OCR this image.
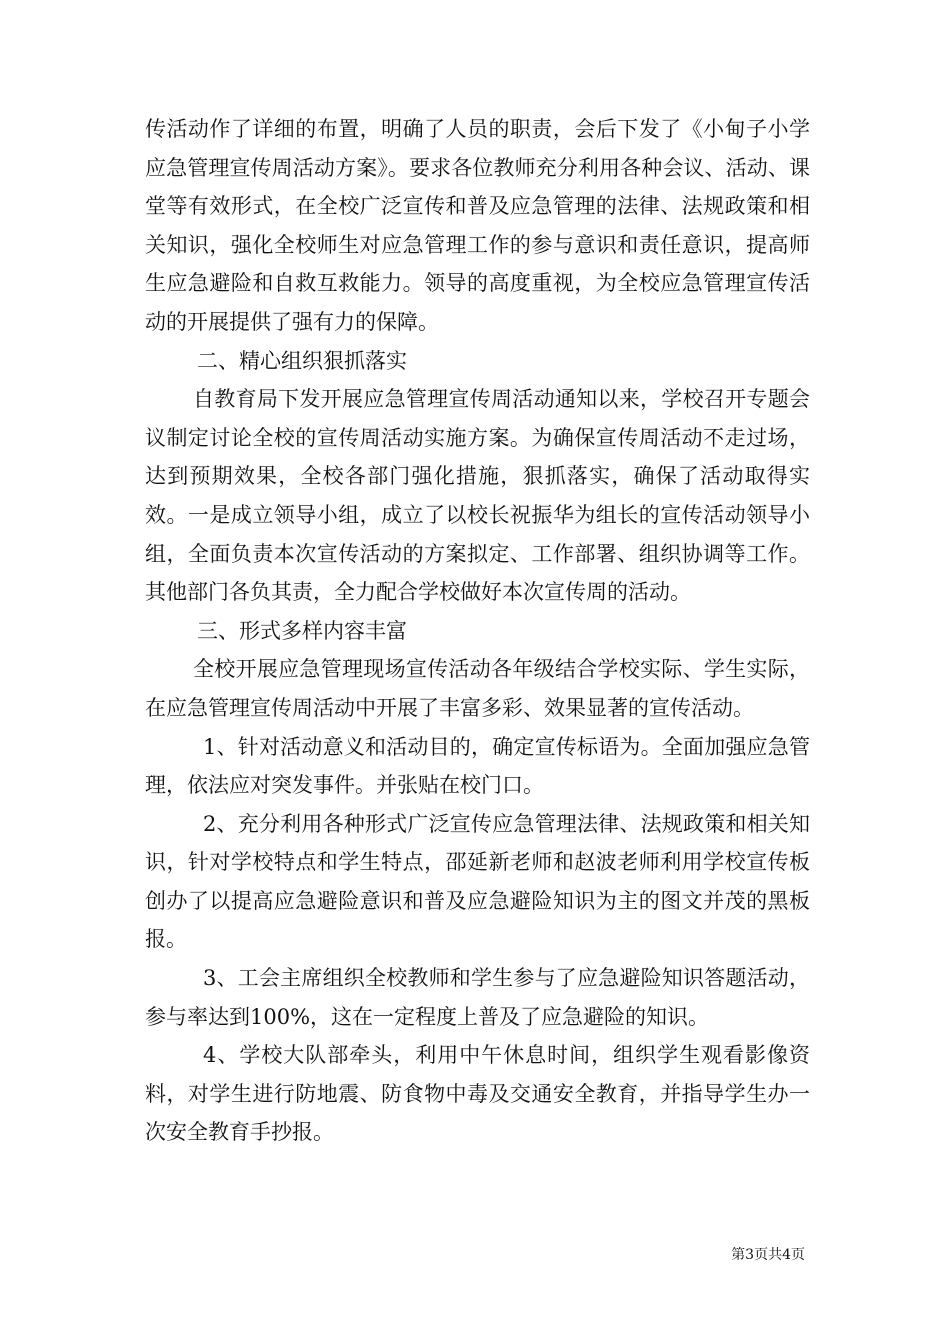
传活动作了详细的布置，明确了人员的职责，会后下发了《小甸子小学应急管理宣传周活动方案》。要求各位教师充分利用各种会议、活动、课堂等有效形式，在全校广泛宣传和普及应急管理的法律、法规政策和相关知识，强化全校师生对应急管理工作的参与意识和责任意识，提高师生应急避险和自救互救能力。领导的高度重视，为全校应急管理宣传活动的开展提供了强有力的保障。

二、精心组织狠抓落实

自教育局下发开展应急管理宣传周活动通知以来，学校召开专题会议制定讨论全校的宣传周活动实施方案。为确保宣传周活动不走过场，达到预期效果，全校各部门强化措施，狠抓落实，确保了活动取得实效。一是成立领导小组，成立了以校长祝振华为组长的宣传活动领导小组，全面负责本次宣传活动的方案拟定、工作部署、组织协调等工作。其他部门各负其责，全力配合学校做好本次宣传周的活动。

三、形式多样内容丰富

全校开展应急管理现场宣传活动各年级结合学校实际、学生实际，在应急管理宣传周活动中开展了丰富多彩、效果显著的宣传活动。

1、针对活动意义和活动目的，确定宣传标语为。全面加强应急管理，依法应对突发事件。并张贴在校门口。

2、充分利用各种形式广泛宣传应急管理法律、法规政策和相关知识，针对学校特点和学生特点，邵延新老师和赵波老师利用学校宣传板创办了以提高应急避险意识和普及应急避险知识为主的图文并茂的黑板报。

3、工会主席组织全校教师和学生参与了应急避险知识答题活动，参与率达到100%，这在一定程度上普及了应急避险的知识。

4、学校大队部牵头，利用中午休息时间，组织学生观看影像资料，对学生进行防地震、防食物中毒及交通安全教育，并指导学生办一次安全教育手抄报。

第3页共4页
